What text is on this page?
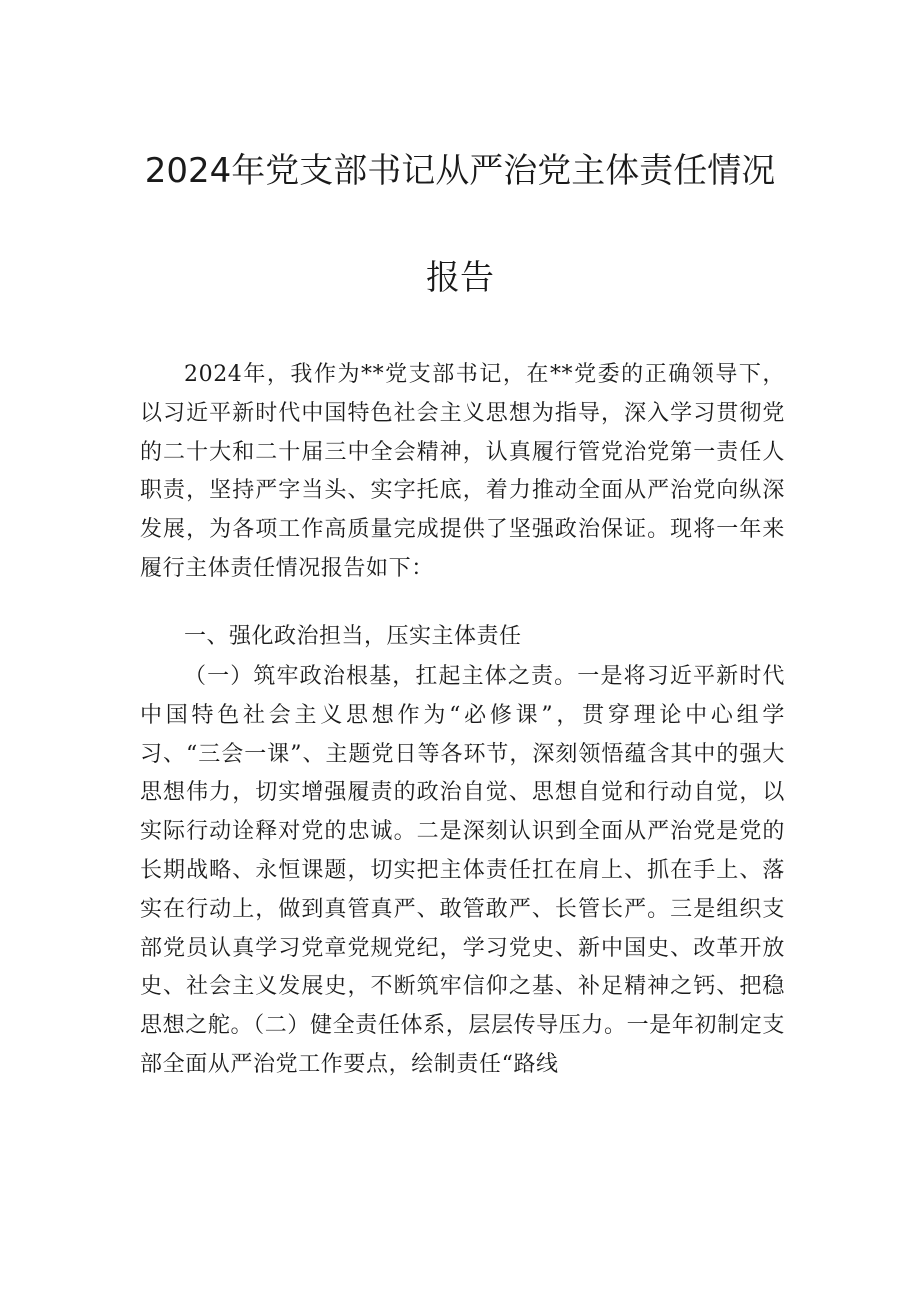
2024年党支部书记从严治党主体责任情况
报告

2024年，我作为**党支部书记，在**党委的正确领导下，以习近平新时代中国特色社会主义思想为指导，深入学习贯彻党的二十大和二十届三中全会精神，认真履行管党治党第一责任人职责，坚持严字当头、实字托底，着力推动全面从严治党向纵深发展，为各项工作高质量完成提供了坚强政治保证。现将一年来履行主体责任情况报告如下：

一、强化政治担当，压实主体责任

（一）筑牢政治根基，扛起主体之责。一是将习近平新时代中国特色社会主义思想作为“必修课”，贯穿理论中心组学习、“三会一课”、主题党日等各环节，深刻领悟蕴含其中的强大思想伟力，切实增强履责的政治自觉、思想自觉和行动自觉，以实际行动诠释对党的忠诚。二是深刻认识到全面从严治党是党的长期战略、永恒课题，切实把主体责任扛在肩上、抓在手上、落实在行动上，做到真管真严、敢管敢严、长管长严。三是组织支部党员认真学习党章党规党纪，学习党史、新中国史、改革开放史、社会主义发展史，不断筑牢信仰之基、补足精神之钙、把稳思想之舵。（二）健全责任体系，层层传导压力。一是年初制定支部全面从严治党工作要点，绘制责任“路线
